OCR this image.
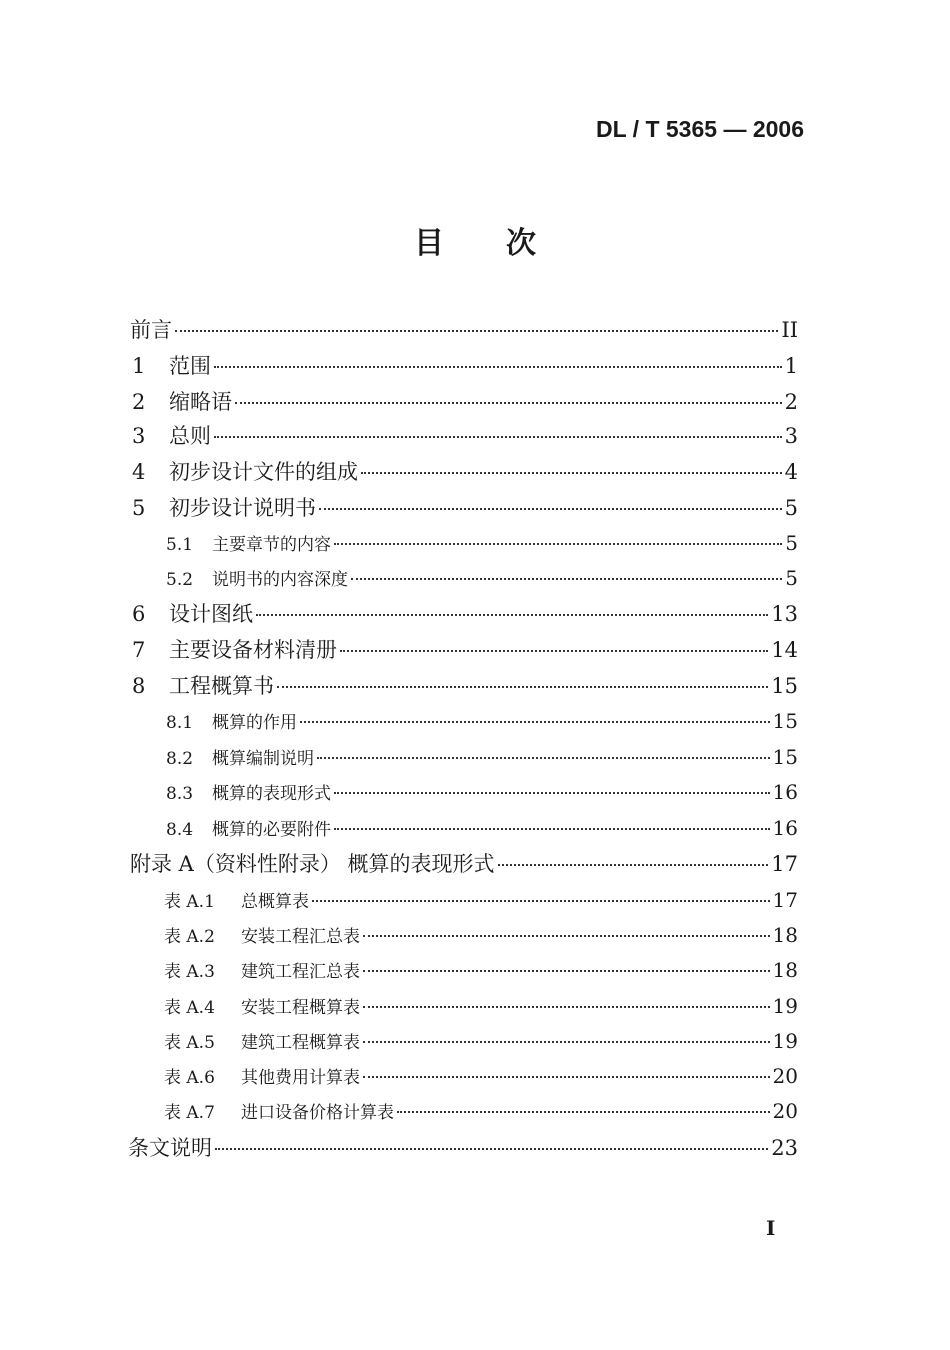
DL / T 5365 — 2006
目 次
前言	II
1	范围	1
2	缩略语	2
3	总则	3
4	初步设计文件的组成	4
5	初步设计说明书	5
5.1	主要章节的内容	5
5.2	说明书的内容深度	5
6	设计图纸	13
7	主要设备材料清册	14
8	工程概算书	15
8.1	概算的作用	15
8.2	概算编制说明	15
8.3	概算的表现形式	16
8.4	概算的必要附件	16
附录 A（资料性附录） 概算的表现形式	17
表 A.1	总概算表	17
表 A.2	安装工程汇总表	18
表 A.3	建筑工程汇总表	18
表 A.4	安装工程概算表	19
表 A.5	建筑工程概算表	19
表 A.6	其他费用计算表	20
表 A.7	进口设备价格计算表	20
条文说明	23
I
